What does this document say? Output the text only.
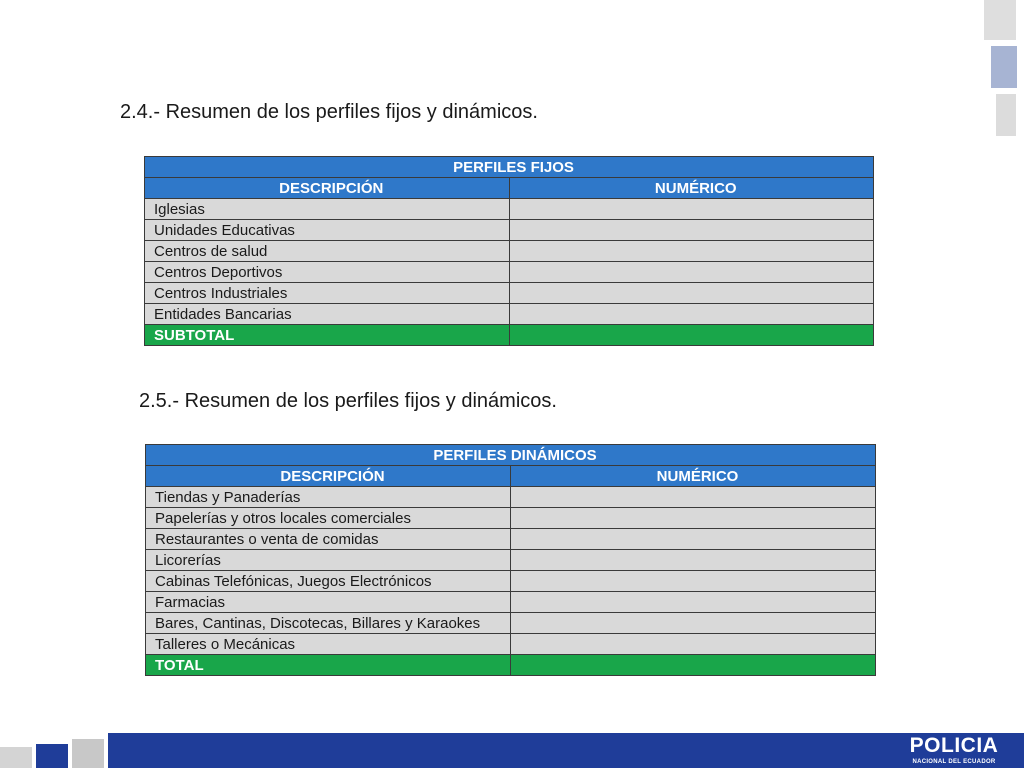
2.4.- Resumen de los perfiles fijos y dinámicos.
PERFILES FIJOS	
DESCRIPCIÓN	NUMÉRICO
Iglesias	
Unidades Educativas	
Centros de salud	
Centros Deportivos	
Centros Industriales	
Entidades Bancarias	
SUBTOTAL	
2.5.- Resumen de los perfiles fijos y dinámicos.
PERFILES DINÁMICOS	
DESCRIPCIÓN	NUMÉRICO
Tiendas y Panaderías	
Papelerías y otros locales comerciales	
Restaurantes o venta de comidas	
Licorerías	
Cabinas Telefónicas, Juegos Electrónicos	
Farmacias	
Bares, Cantinas, Discotecas, Billares y Karaokes	
Talleres o Mecánicas	
TOTAL	
POLICIA
NACIONAL DEL ECUADOR
